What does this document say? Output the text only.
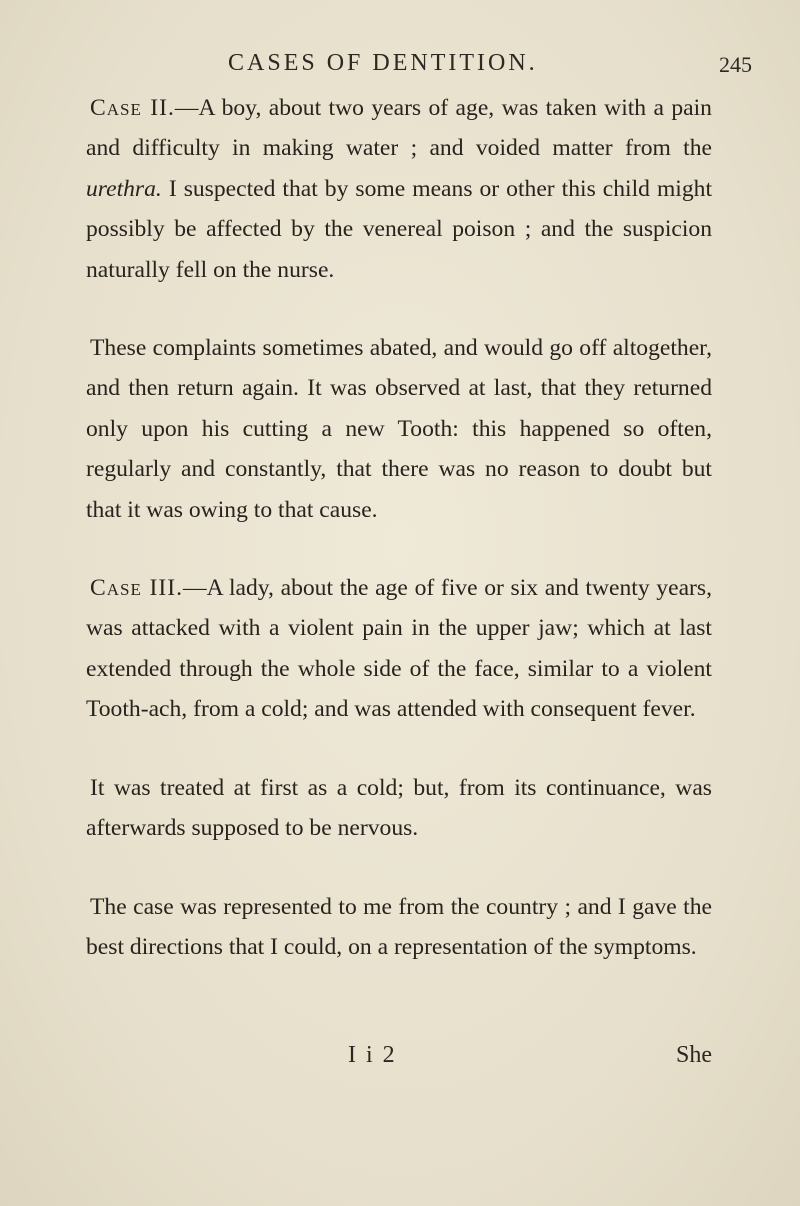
CASES OF DENTITION.	245

Case II.—A boy, about two years of age, was taken with a pain and difficulty in making water ; and voided matter from the urethra. I suspected that by some means or other this child might possibly be affected by the venereal poison ; and the suspicion naturally fell on the nurse.

These complaints sometimes abated, and would go off altogether, and then return again. It was observed at last, that they returned only upon his cutting a new Tooth: this happened so often, regularly and constantly, that there was no reason to doubt but that it was owing to that cause.

Case III.—A lady, about the age of five or six and twenty years, was attacked with a violent pain in the upper jaw; which at last extended through the whole side of the face, similar to a violent Tooth-ach, from a cold; and was attended with consequent fever.

It was treated at first as a cold; but, from its continuance, was afterwards supposed to be nervous.

The case was represented to me from the country ; and I gave the best directions that I could, on a representation of the symptoms.

I i 2	She
